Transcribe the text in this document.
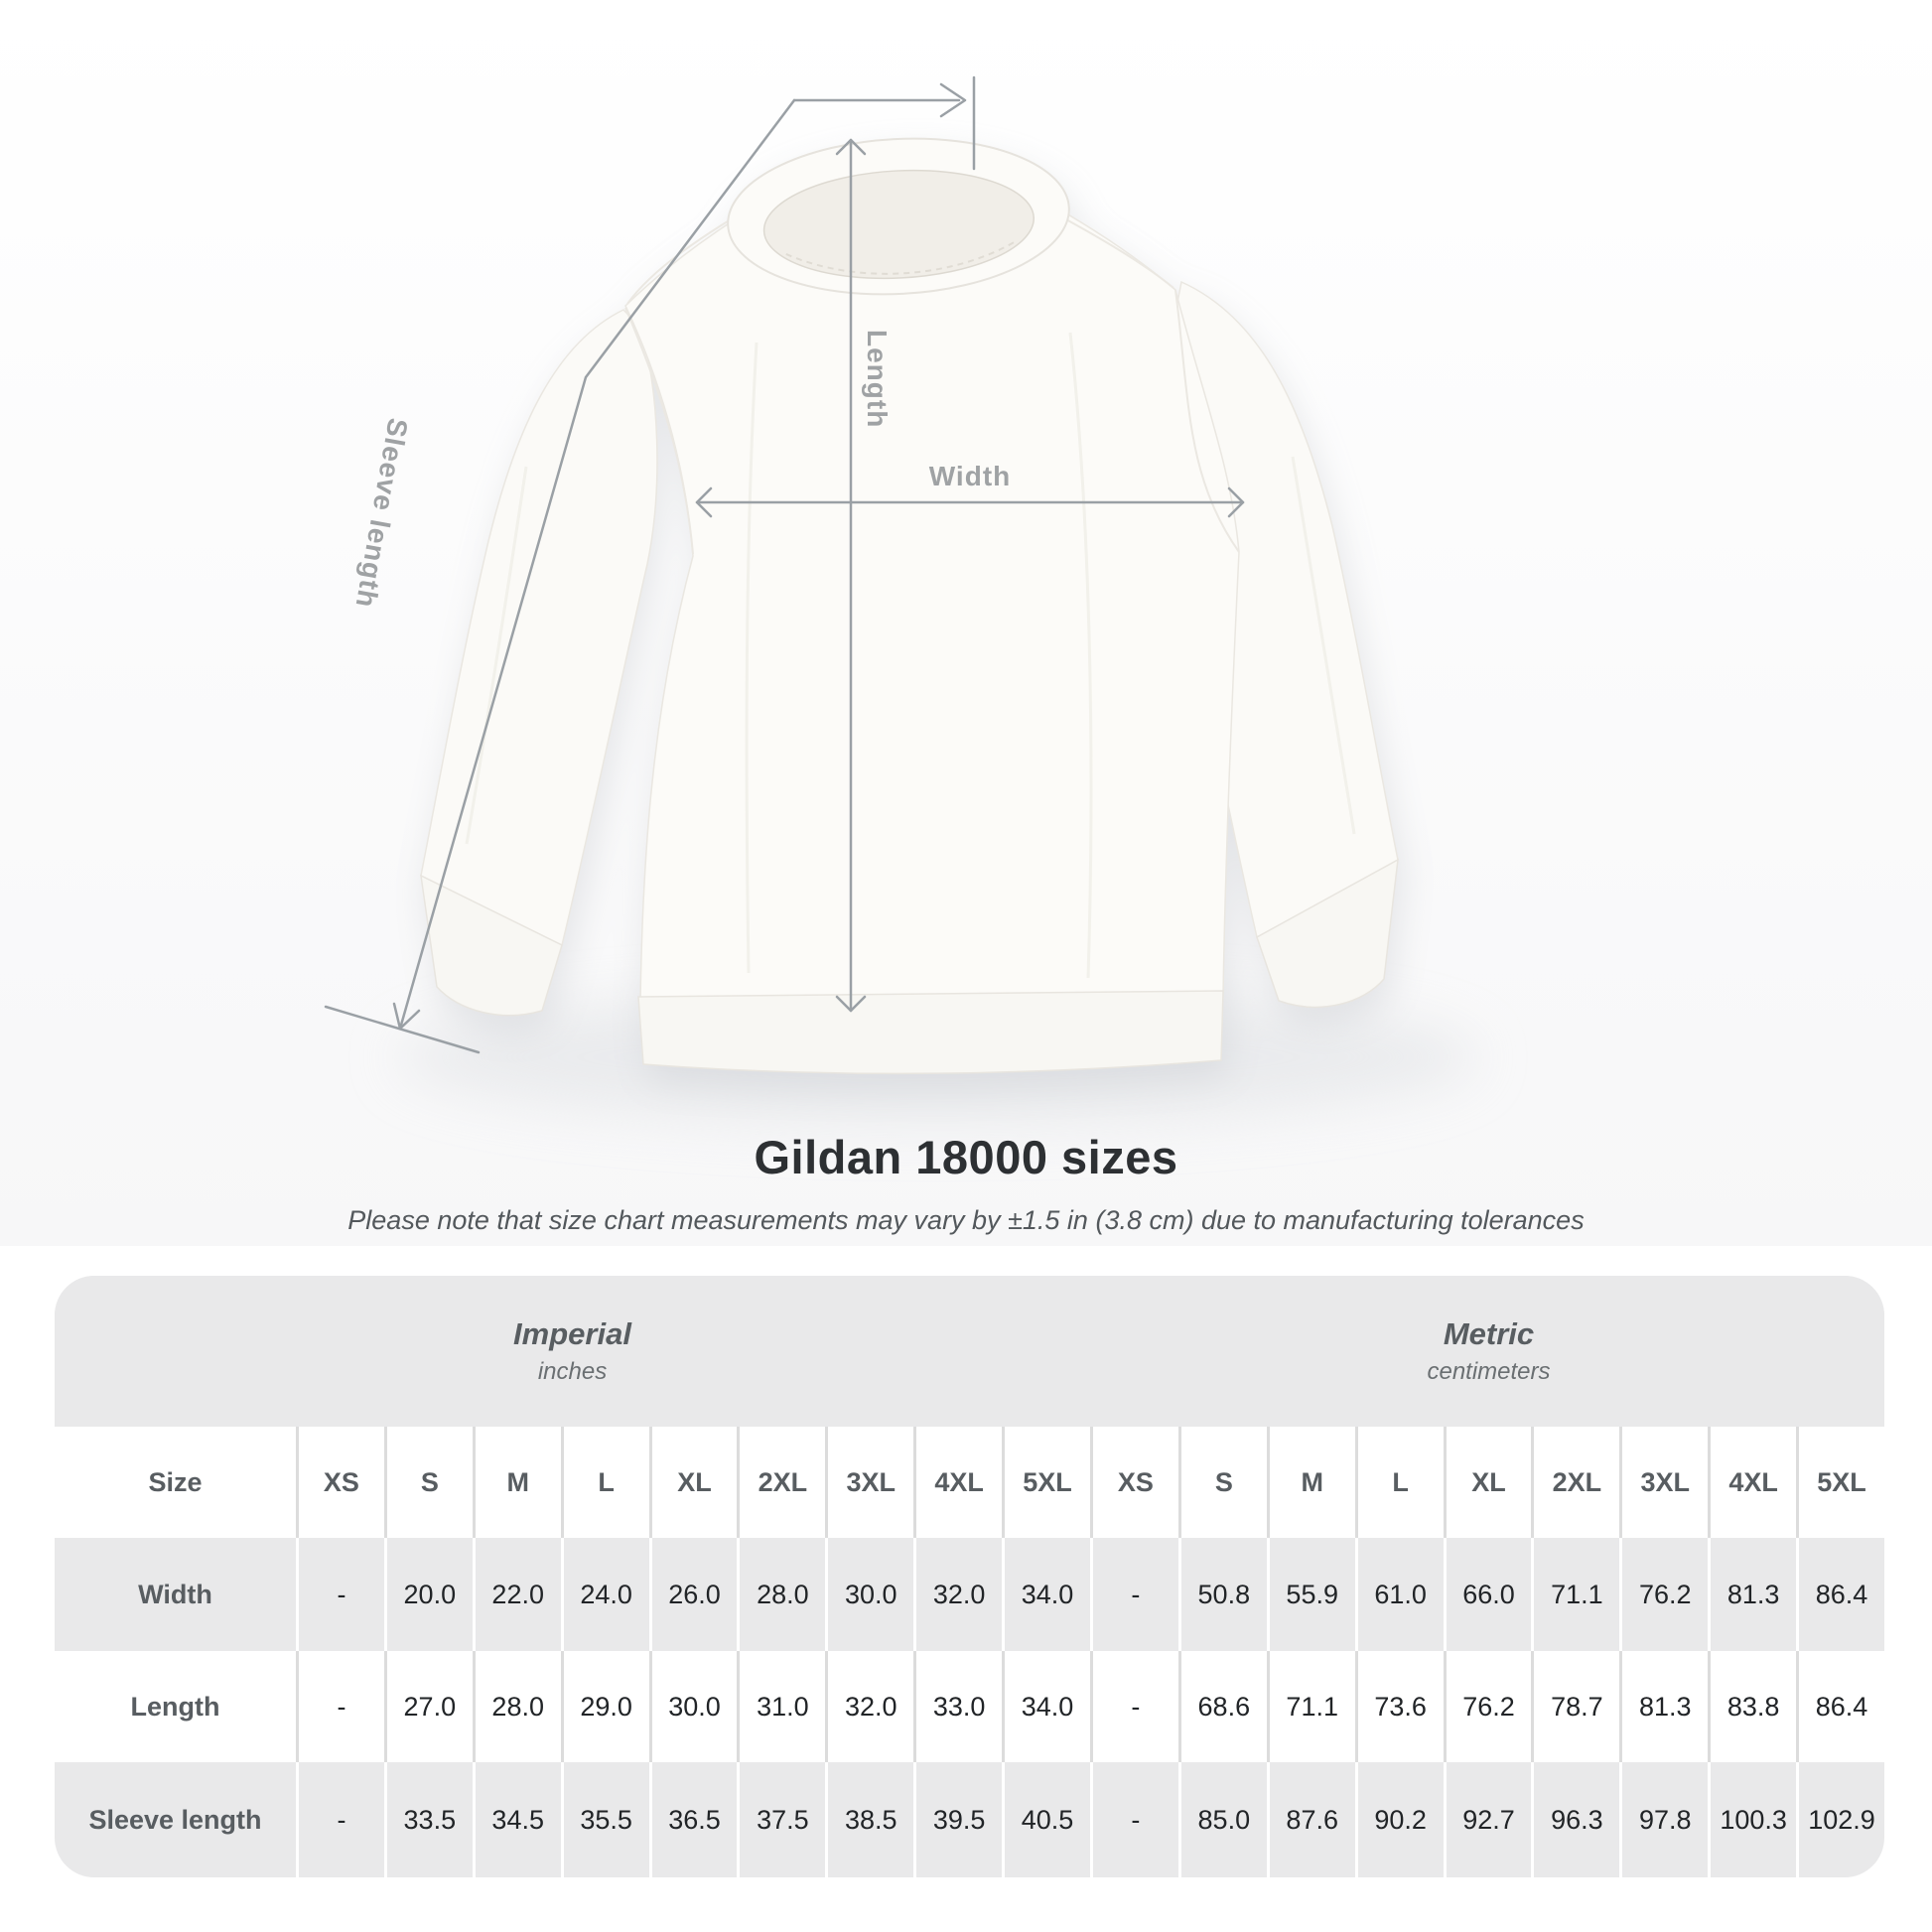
Sleeve length
Length
Width
Gildan 18000 sizes
Please note that size chart measurements may vary by ±1.5 in (3.8 cm) due to manufacturing tolerances
Imperial
inches
Metric
centimeters
Size	XS	S	M	L	XL	2XL	3XL	4XL	5XL	XS	S	M	L	XL	2XL	3XL	4XL	5XL
Width	-	20.0	22.0	24.0	26.0	28.0	30.0	32.0	34.0	-	50.8	55.9	61.0	66.0	71.1	76.2	81.3	86.4
Length	-	27.0	28.0	29.0	30.0	31.0	32.0	33.0	34.0	-	68.6	71.1	73.6	76.2	78.7	81.3	83.8	86.4
Sleeve length	-	33.5	34.5	35.5	36.5	37.5	38.5	39.5	40.5	-	85.0	87.6	90.2	92.7	96.3	97.8	100.3 102.9
